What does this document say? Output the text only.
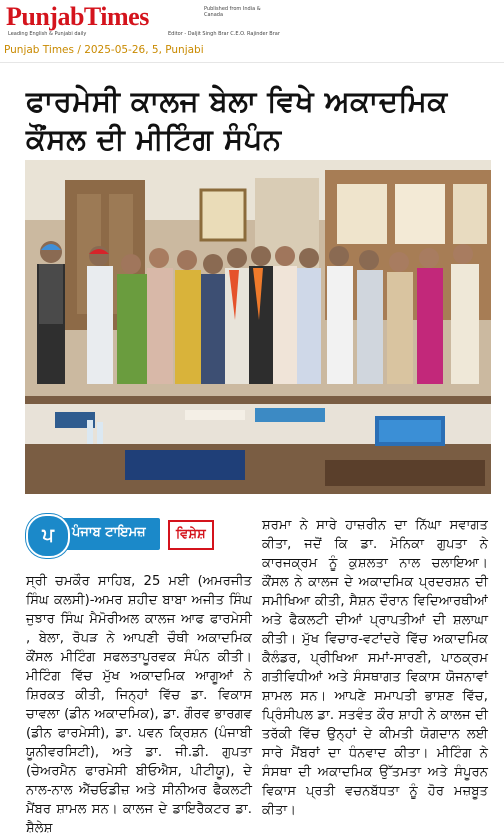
PunjabTimes
Leading English & Punjabi daily
Published from India & Canada
Editor - Daljit Singh Brar C.E.O. Rajinder Brar
Punjab Times / 2025-05-26, 5, Punjabi
ਫਾਰਮੇਸੀ ਕਾਲਜ ਬੇਲਾ ਵਿਖੇ ਅਕਾਦਮਿਕ
ਕੌਂਸਲ ਦੀ ਮੀਟਿੰਗ ਸੰਪੰਨ
ਪ	ਪੰਜਾਬ ਟਾਇਮਜ਼	ਵਿਸ਼ੇਸ਼
ਸ੍ਰੀ ਚਮਕੌਰ ਸਾਹਿਬ, 25 ਮਈ (ਅਮਰਜੀਤ ਸਿੰਘ ਕਲਸੀ)-ਅਮਰ ਸ਼ਹੀਦ ਬਾਬਾ ਅਜੀਤ ਸਿੰਘ ਜੁਝਾਰ ਸਿੰਘ ਮੈਮੋਰੀਅਲ ਕਾਲਜ ਆਫ ਫਾਰਮੇਸੀ , ਬੇਲਾ, ਰੋਪੜ ਨੇ ਆਪਣੀ ਚੌਥੀ ਅਕਾਦਮਿਕ ਕੌਂਸਲ ਮੀਟਿੰਗ ਸਫਲਤਾਪੂਰਵਕ ਸੰਪੰਨ ਕੀਤੀ। ਮੀਟਿੰਗ ਵਿੱਚ ਮੁੱਖ ਅਕਾਦਮਿਕ ਆਗੂਆਂ ਨੇ ਸ਼ਿਰਕਤ ਕੀਤੀ, ਜਿਨ੍ਹਾਂ ਵਿੱਚ ਡਾ. ਵਿਕਾਸ ਚਾਵਲਾ (ਡੀਨ ਅਕਾਦਮਿਕ), ਡਾ. ਗੌਰਵ ਭਾਰਗਵ (ਡੀਨ ਫਾਰਮੇਸੀ), ਡਾ. ਪਵਨ ਕ੍ਰਿਸ਼ਨ (ਪੰਜਾਬੀ ਯੂਨੀਵਰਸਿਟੀ), ਅਤੇ ਡਾ. ਜੀ.ਡੀ. ਗੁਪਤਾ (ਚੇਅਰਮੈਨ ਫਾਰਮੇਸੀ ਬੀਓਐਸ, ਪੀਟੀਯੂ), ਦੇ ਨਾਲ-ਨਾਲ ਐੱਚਓਡੀਜ਼ ਅਤੇ ਸੀਨੀਅਰ ਫੈਕਲਟੀ ਮੈਂਬਰ ਸ਼ਾਮਲ ਸਨ। ਕਾਲਜ ਦੇ ਡਾਇਰੈਕਟਰ ਡਾ. ਸ਼ੈਲੇਸ਼
ਸ਼ਰਮਾ ਨੇ ਸਾਰੇ ਹਾਜ਼ਰੀਨ ਦਾ ਨਿੱਘਾ ਸਵਾਗਤ ਕੀਤਾ, ਜਦੋਂ ਕਿ ਡਾ. ਮੋਨਿਕਾ ਗੁਪਤਾ ਨੇ ਕਾਰਜਕ੍ਰਮ ਨੂੰ ਕੁਸ਼ਲਤਾ ਨਾਲ ਚਲਾਇਆ। ਕੌਂਸਲ ਨੇ ਕਾਲਜ ਦੇ ਅਕਾਦਮਿਕ ਪ੍ਰਦਰਸ਼ਨ ਦੀ ਸਮੀਖਿਆ ਕੀਤੀ, ਸੈਸ਼ਨ ਦੌਰਾਨ ਵਿਦਿਆਰਥੀਆਂ ਅਤੇ ਫੈਕਲਟੀ ਦੀਆਂ ਪ੍ਰਾਪਤੀਆਂ ਦੀ ਸ਼ਲਾਘਾ ਕੀਤੀ। ਮੁੱਖ ਵਿਚਾਰ-ਵਟਾਂਦਰੇ ਵਿੱਚ ਅਕਾਦਮਿਕ ਕੈਲੰਡਰ, ਪ੍ਰੀਖਿਆ ਸਮਾਂ-ਸਾਰਣੀ, ਪਾਠਕ੍ਰਮ ਗਤੀਵਿਧੀਆਂ ਅਤੇ ਸੰਸਥਾਗਤ ਵਿਕਾਸ ਯੋਜਨਾਵਾਂ ਸ਼ਾਮਲ ਸਨ। ਆਪਣੇ ਸਮਾਪਤੀ ਭਾਸ਼ਣ ਵਿੱਚ, ਪ੍ਰਿੰਸੀਪਲ ਡਾ. ਸਤਵੰਤ ਕੌਰ ਸ਼ਾਹੀ ਨੇ ਕਾਲਜ ਦੀ ਤਰੱਕੀ ਵਿੱਚ ਉਨ੍ਹਾਂ ਦੇ ਕੀਮਤੀ ਯੋਗਦਾਨ ਲਈ ਸਾਰੇ ਮੈਂਬਰਾਂ ਦਾ ਧੰਨਵਾਦ ਕੀਤਾ। ਮੀਟਿੰਗ ਨੇ ਸੰਸਥਾ ਦੀ ਅਕਾਦਮਿਕ ਉੱਤਮਤਾ ਅਤੇ ਸੰਪੂਰਨ ਵਿਕਾਸ ਪ੍ਰਤੀ ਵਚਨਬੱਧਤਾ ਨੂੰ ਹੋਰ ਮਜ਼ਬੂਤ ਕੀਤਾ।
